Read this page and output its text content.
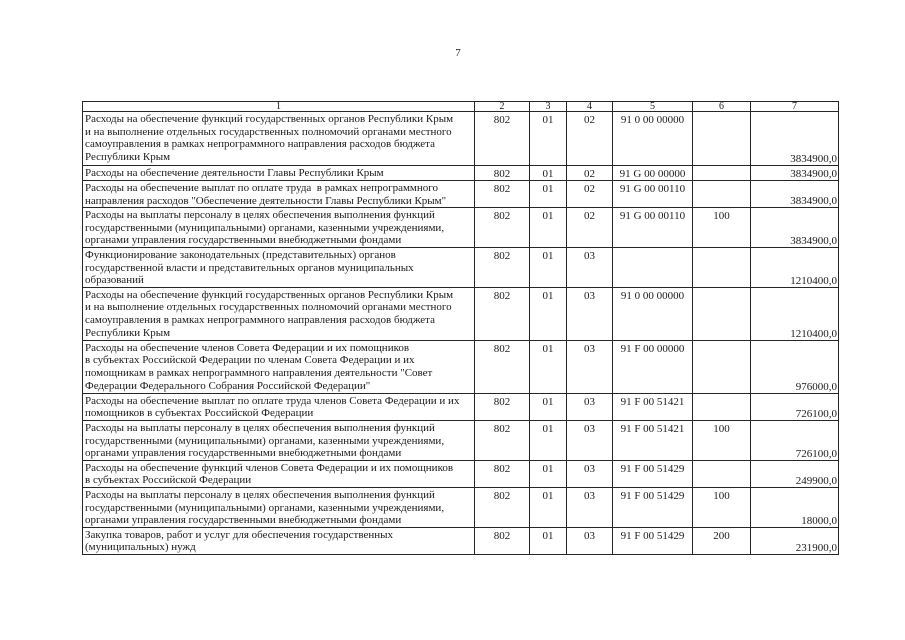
7
1	2	3	4	5	6	7

Расходы на обеспечение функций государственных органов Республики Крым
и на выполнение отдельных государственных полномочий органами местного
самоуправления в рамках непрограммного направления расходов бюджета
Республики Крым	802	01	02	91 0 00 00000		3834900,0

Расходы на обеспечение деятельности Главы Республики Крым	802	01	02	91 G 00 00000		3834900,0

Расходы на обеспечение выплат по оплате труда  в рамках непрограммного
направления расходов "Обеспечение деятельности Главы Республики Крым"	802	01	02	91 G 00 00110		3834900,0

Расходы на выплаты персоналу в целях обеспечения выполнения функций
государственными (муниципальными) органами, казенными учреждениями,
органами управления государственными внебюджетными фондами	802	01	02	91 G 00 00110	100	3834900,0

Функционирование законодательных (представительных) органов
государственной власти и представительных органов муниципальных
образований	802	01	03			1210400,0

Расходы на обеспечение функций государственных органов Республики Крым
и на выполнение отдельных государственных полномочий органами местного
самоуправления в рамках непрограммного направления расходов бюджета
Республики Крым	802	01	03	91 0 00 00000		1210400,0

Расходы на обеспечение членов Совета Федерации и их помощников
в субъектах Российской Федерации по членам Совета Федерации и их
помощникам в рамках непрограммного направления деятельности "Совет
Федерации Федерального Собрания Российской Федерации"	802	01	03	91 F 00 00000		976000,0

Расходы на обеспечение выплат по оплате труда членов Совета Федерации и их
помощников в субъектах Российской Федерации	802	01	03	91 F 00 51421		726100,0

Расходы на выплаты персоналу в целях обеспечения выполнения функций
государственными (муниципальными) органами, казенными учреждениями,
органами управления государственными внебюджетными фондами	802	01	03	91 F 00 51421	100	726100,0

Расходы на обеспечение функций членов Совета Федерации и их помощников
в субъектах Российской Федерации	802	01	03	91 F 00 51429		249900,0

Расходы на выплаты персоналу в целях обеспечения выполнения функций
государственными (муниципальными) органами, казенными учреждениями,
органами управления государственными внебюджетными фондами	802	01	03	91 F 00 51429	100	18000,0

Закупка товаров, работ и услуг для обеспечения государственных
(муниципальных) нужд	802	01	03	91 F 00 51429	200	231900,0
